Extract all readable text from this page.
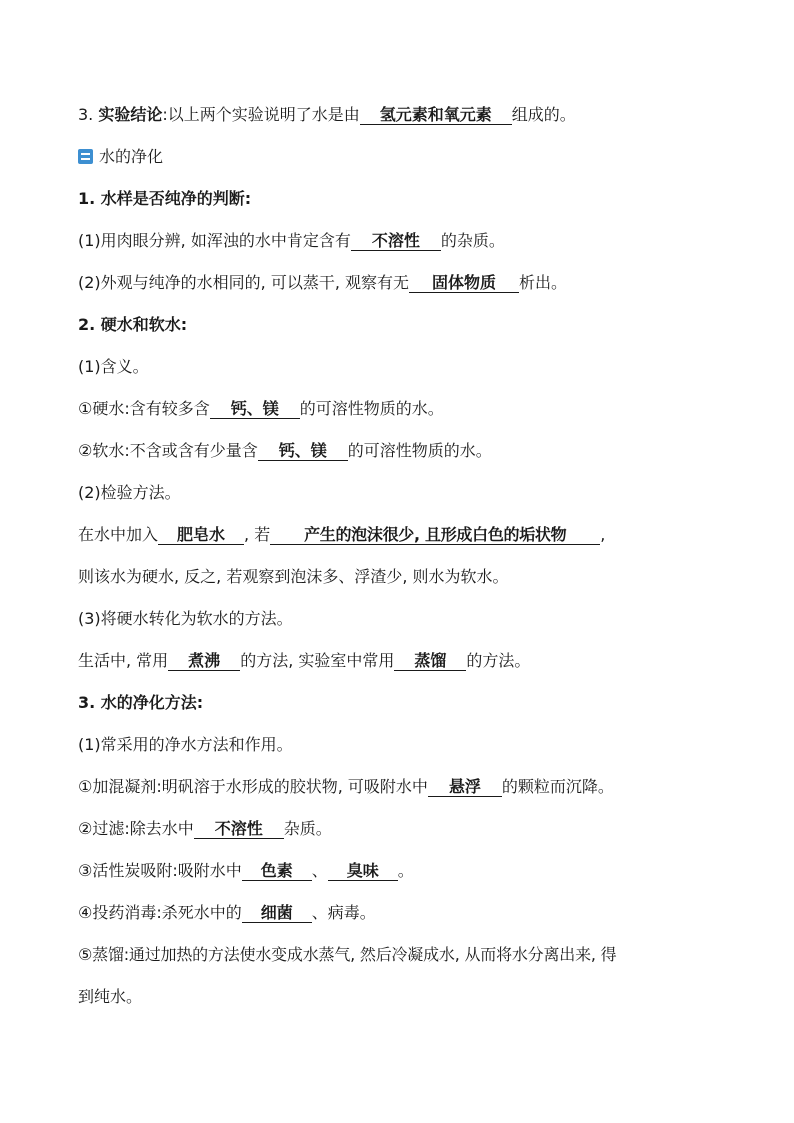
3. 实验结论:以上两个实验说明了水是由 氢元素和氧元素 组成的。
水的净化
1. 水样是否纯净的判断:
(1)用肉眼分辨, 如浑浊的水中肯定含有 不溶性 的杂质。
(2)外观与纯净的水相同的, 可以蒸干, 观察有无 固体物质 析出。
2. 硬水和软水:
(1)含义。
①硬水:含有较多含 钙、镁 的可溶性物质的水。
②软水:不含或含有少量含 钙、镁 的可溶性物质的水。
(2)检验方法。
在水中加入 肥皂水 , 若 产生的泡沫很少, 且形成白色的垢状物 ,
则该水为硬水, 反之, 若观察到泡沫多、浮渣少, 则水为软水。
(3)将硬水转化为软水的方法。
生活中, 常用 煮沸 的方法, 实验室中常用 蒸馏 的方法。
3. 水的净化方法:
(1)常采用的净水方法和作用。
①加混凝剂:明矾溶于水形成的胶状物, 可吸附水中 悬浮 的颗粒而沉降。
②过滤:除去水中 不溶性 杂质。
③活性炭吸附:吸附水中 色素 、 臭味 。
④投药消毒:杀死水中的 细菌 、病毒。
⑤蒸馏:通过加热的方法使水变成水蒸气, 然后冷凝成水, 从而将水分离出来, 得
到纯水。
